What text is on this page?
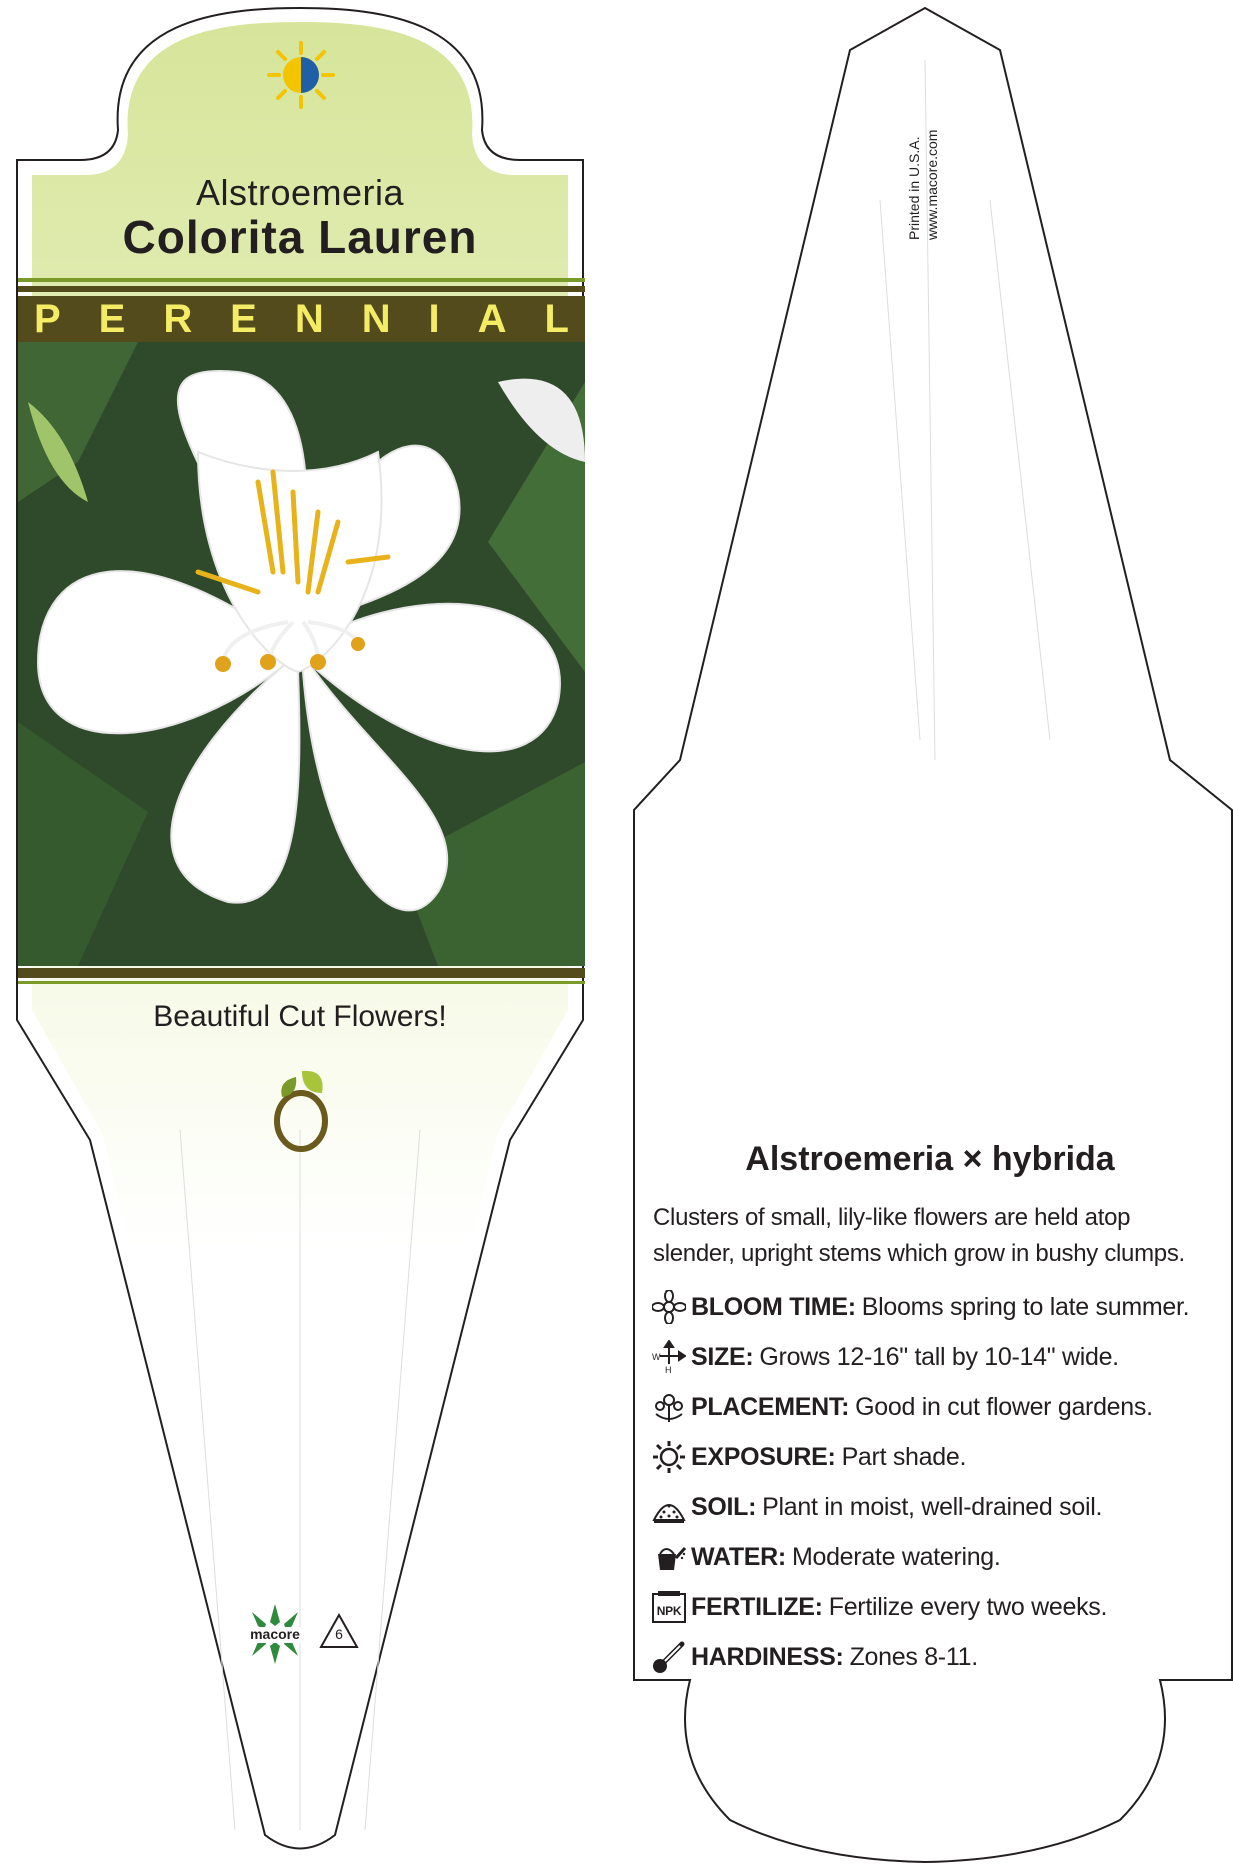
Alstroemeria
Colorita Lauren
P E R E N N I A L
Beautiful Cut Flowers!
macore	6
Printed in U.S.A. www.macore.com
Alstroemeria × hybrida
Clusters of small, lily-like flowers are held atop slender, upright stems which grow in bushy clumps.
BLOOM TIME: Blooms spring to late summer.
W
H SIZE: Grows 12-16" tall by 10-14" wide.
PLACEMENT: Good in cut flower gardens.
EXPOSURE: Part shade.
SOIL: Plant in moist, well-drained soil.
WATER: Moderate watering.
NPK FERTILIZE: Fertilize every two weeks.
HARDINESS: Zones 8-11.
